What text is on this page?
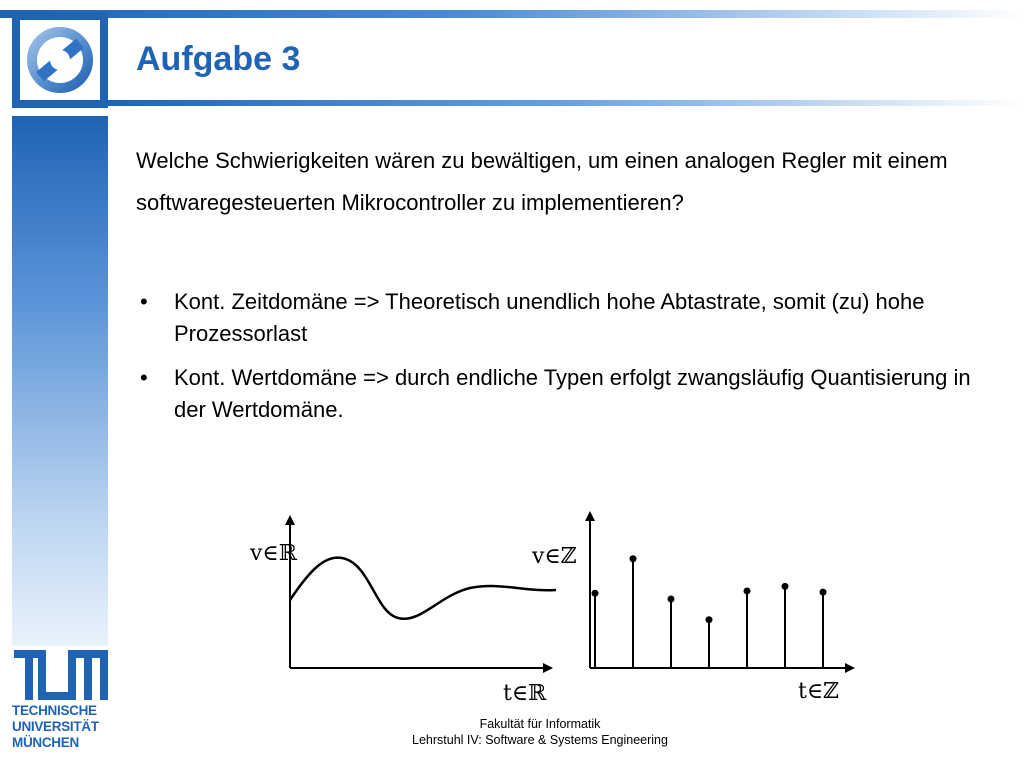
Aufgabe 3
Welche Schwierigkeiten wären zu bewältigen, um einen analogen Regler mit einem softwaregesteuerten Mikrocontroller zu implementieren?
• Kont. Zeitdomäne => Theoretisch unendlich hohe Abtastrate, somit (zu) hohe Prozessorlast
• Kont. Wertdomäne => durch endliche Typen erfolgt zwangsläufig Quantisierung in der Wertdomäne.
v∈ℝ
t∈ℝ
v∈ℤ
t∈ℤ
TECHNISCHE
UNIVERSITÄT
MÜNCHEN
Fakultät für Informatik
Lehrstuhl IV: Software & Systems Engineering
